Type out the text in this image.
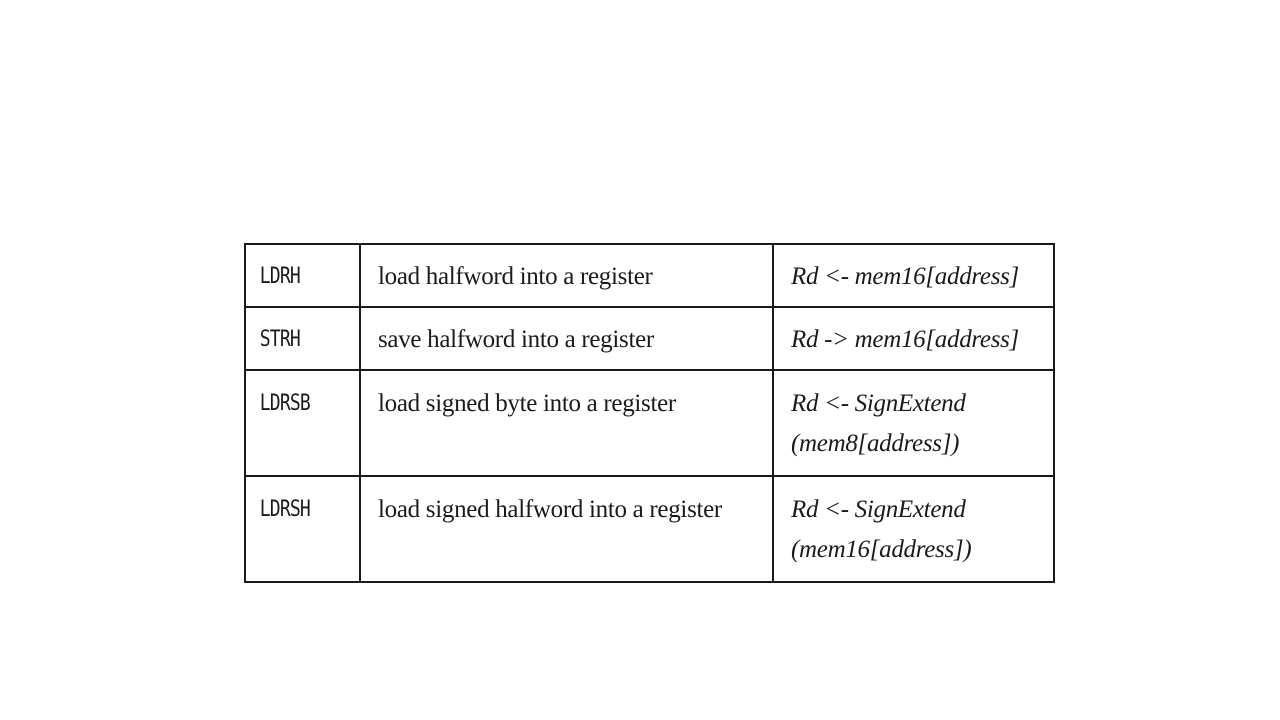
LDRH	load halfword into a register	Rd <- mem16[address]

STRH	save halfword into a register	Rd -> mem16[address]

LDRSB	load signed byte into a register	Rd <- SignExtend
(mem8[address])

LDRSH	load signed halfword into a register	Rd <- SignExtend
(mem16[address])
